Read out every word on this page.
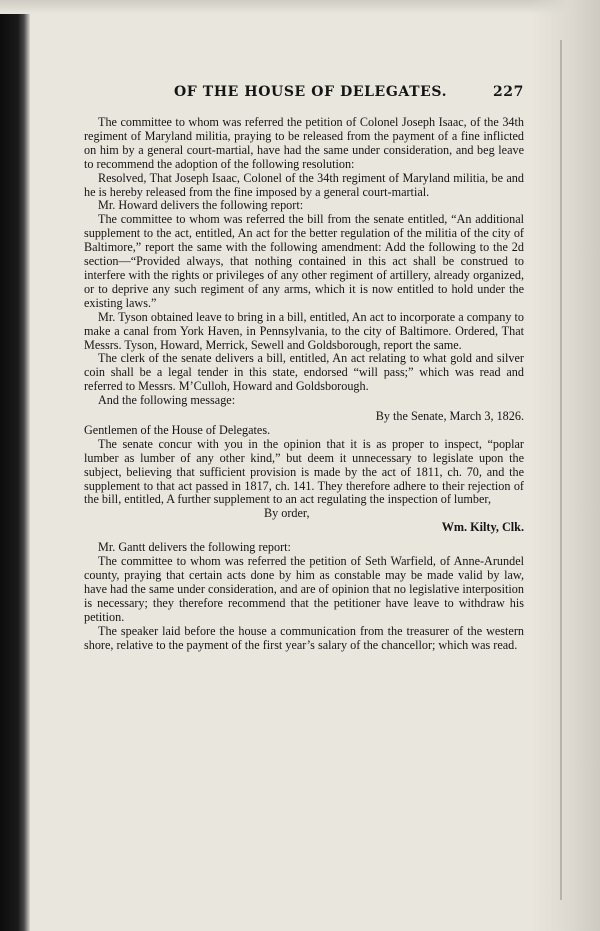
OF THE HOUSE OF DELEGATES.	227

The committee to whom was referred the petition of Colonel Joseph Isaac, of the 34th regiment of Maryland militia, praying to be released from the payment of a fine inflicted on him by a general court-martial, have had the same under consideration, and beg leave to recommend the adoption of the following resolution:

Resolved, That Joseph Isaac, Colonel of the 34th regiment of Maryland militia, be and he is hereby released from the fine imposed by a general court-martial.

Mr. Howard delivers the following report:

The committee to whom was referred the bill from the senate entitled, “An additional supplement to the act, entitled, An act for the better regulation of the militia of the city of Baltimore,” report the same with the following amendment: Add the following to the 2d section—“Provided always, that nothing contained in this act shall be construed to interfere with the rights or privileges of any other regiment of artillery, already organized, or to deprive any such regiment of any arms, which it is now entitled to hold under the existing laws.”

Mr. Tyson obtained leave to bring in a bill, entitled, An act to incorporate a company to make a canal from York Haven, in Pennsylvania, to the city of Baltimore. Ordered, That Messrs. Tyson, Howard, Merrick, Sewell and Goldsborough, report the same.

The clerk of the senate delivers a bill, entitled, An act relating to what gold and silver coin shall be a legal tender in this state, endorsed “will pass;” which was read and referred to Messrs. M’Culloh, Howard and Goldsborough.

And the following message:

By the Senate, March 3, 1826.

Gentlemen of the House of Delegates.

The senate concur with you in the opinion that it is as proper to inspect, “poplar lumber as lumber of any other kind,” but deem it unnecessary to legislate upon the subject, believing that sufficient provision is made by the act of 1811, ch. 70, and the supplement to that act passed in 1817, ch. 141. They therefore adhere to their rejection of the bill, entitled, A further supplement to an act regulating the inspection of lumber,

By order,

Wm. Kilty, Clk.

Mr. Gantt delivers the following report:

The committee to whom was referred the petition of Seth Warfield, of Anne-Arundel county, praying that certain acts done by him as constable may be made valid by law, have had the same under consideration, and are of opinion that no legislative interposition is necessary; they therefore recommend that the petitioner have leave to withdraw his petition.

The speaker laid before the house a communication from the treasurer of the western shore, relative to the payment of the first year’s salary of the chancellor; which was read.
